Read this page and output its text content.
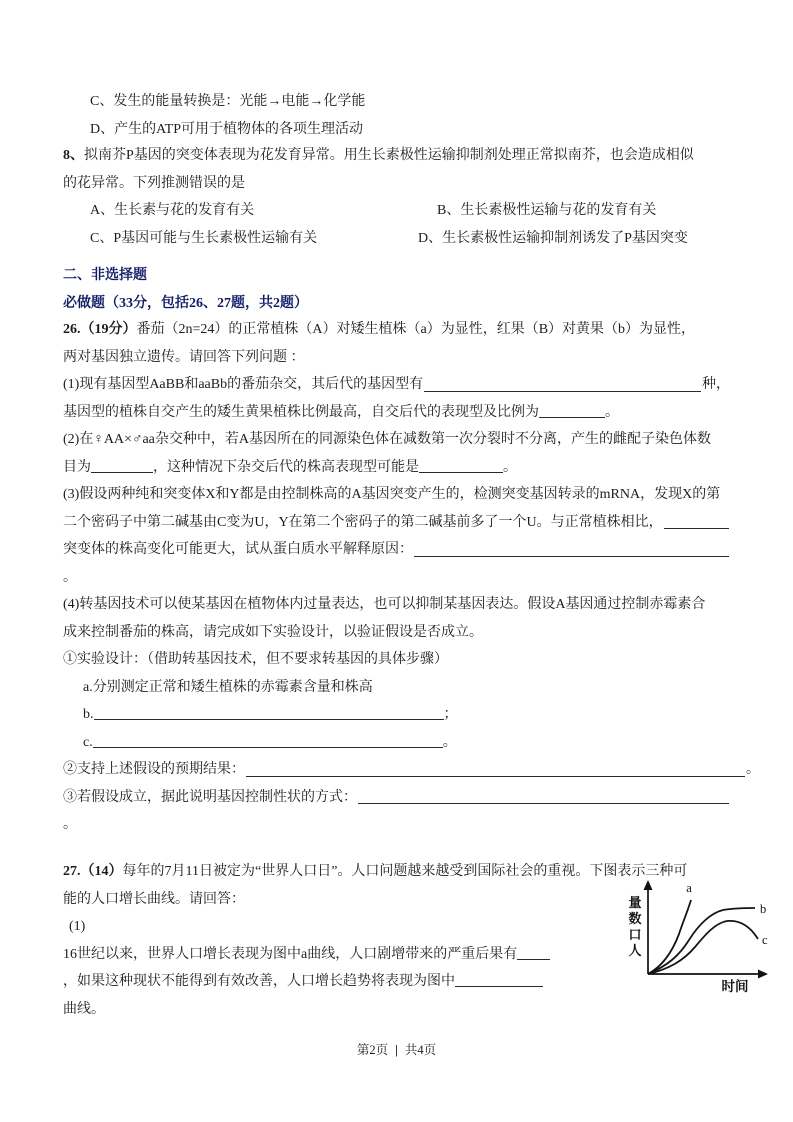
C、发生的能量转换是：光能→电能→化学能
D、产生的ATP可用于植物体的各项生理活动
8、拟南芥P基因的突变体表现为花发育异常。用生长素极性运输抑制剂处理正常拟南芥，也会造成相似
的花异常。下列推测错误的是
A、生长素与花的发育有关	B、生长素极性运输与花的发育有关
C、P基因可能与生长素极性运输有关	D、生长素极性运输抑制剂诱发了P基因突变
二、非选择题
必做题（33分，包括26、27题，共2题）
26.（19分）番茄（2n=24）的正常植株（A）对矮生植株（a）为显性，红果（B）对黄果（b）为显性，
两对基因独立遗传。请回答下列问题 ：
(1)现有基因型AaBB和aaBb的番茄杂交，其后代的基因型有	种，
基因型的植株自交产生的矮生黄果植株比例最高，自交后代的表现型及比例为	。
(2)在♀AA×♂aa杂交种中，若A基因所在的同源染色体在减数第一次分裂时不分离，产生的雌配子染色体数
目为	，这种情况下杂交后代的株高表现型可能是	。
(3)假设两种纯和突变体X和Y都是由控制株高的A基因突变产生的，检测突变基因转录的mRNA，发现X的第
二个密码子中第二碱基由C变为U，Y在第二个密码子的第二碱基前多了一个U。与正常植株相比，
突变体的株高变化可能更大，试从蛋白质水平解释原因：
。
(4)转基因技术可以使某基因在植物体内过量表达，也可以抑制某基因表达。假设A基因通过控制赤霉素合
成来控制番茄的株高，请完成如下实验设计，以验证假设是否成立。
①实验设计：（借助转基因技术，但不要求转基因的具体步骤）
a.分别测定正常和矮生植株的赤霉素含量和株高
b.	；
c.	。
②支持上述假设的预期结果：	。
③若假设成立，据此说明基因控制性状的方式：
。
27.（14）每年的7月11日被定为“世界人口日”。人口问题越来越受到国际社会的重视。下图表示三种可
能的人口增长曲线。请回答：
(1)
16世纪以来，世界人口增长表现为图中a曲线，人口剧增带来的严重后果有
，如果这种现状不能得到有效改善，人口增长趋势将表现为图中
曲线。
量
数
口
人
时间
a
b
c
第2页 | 共4页
